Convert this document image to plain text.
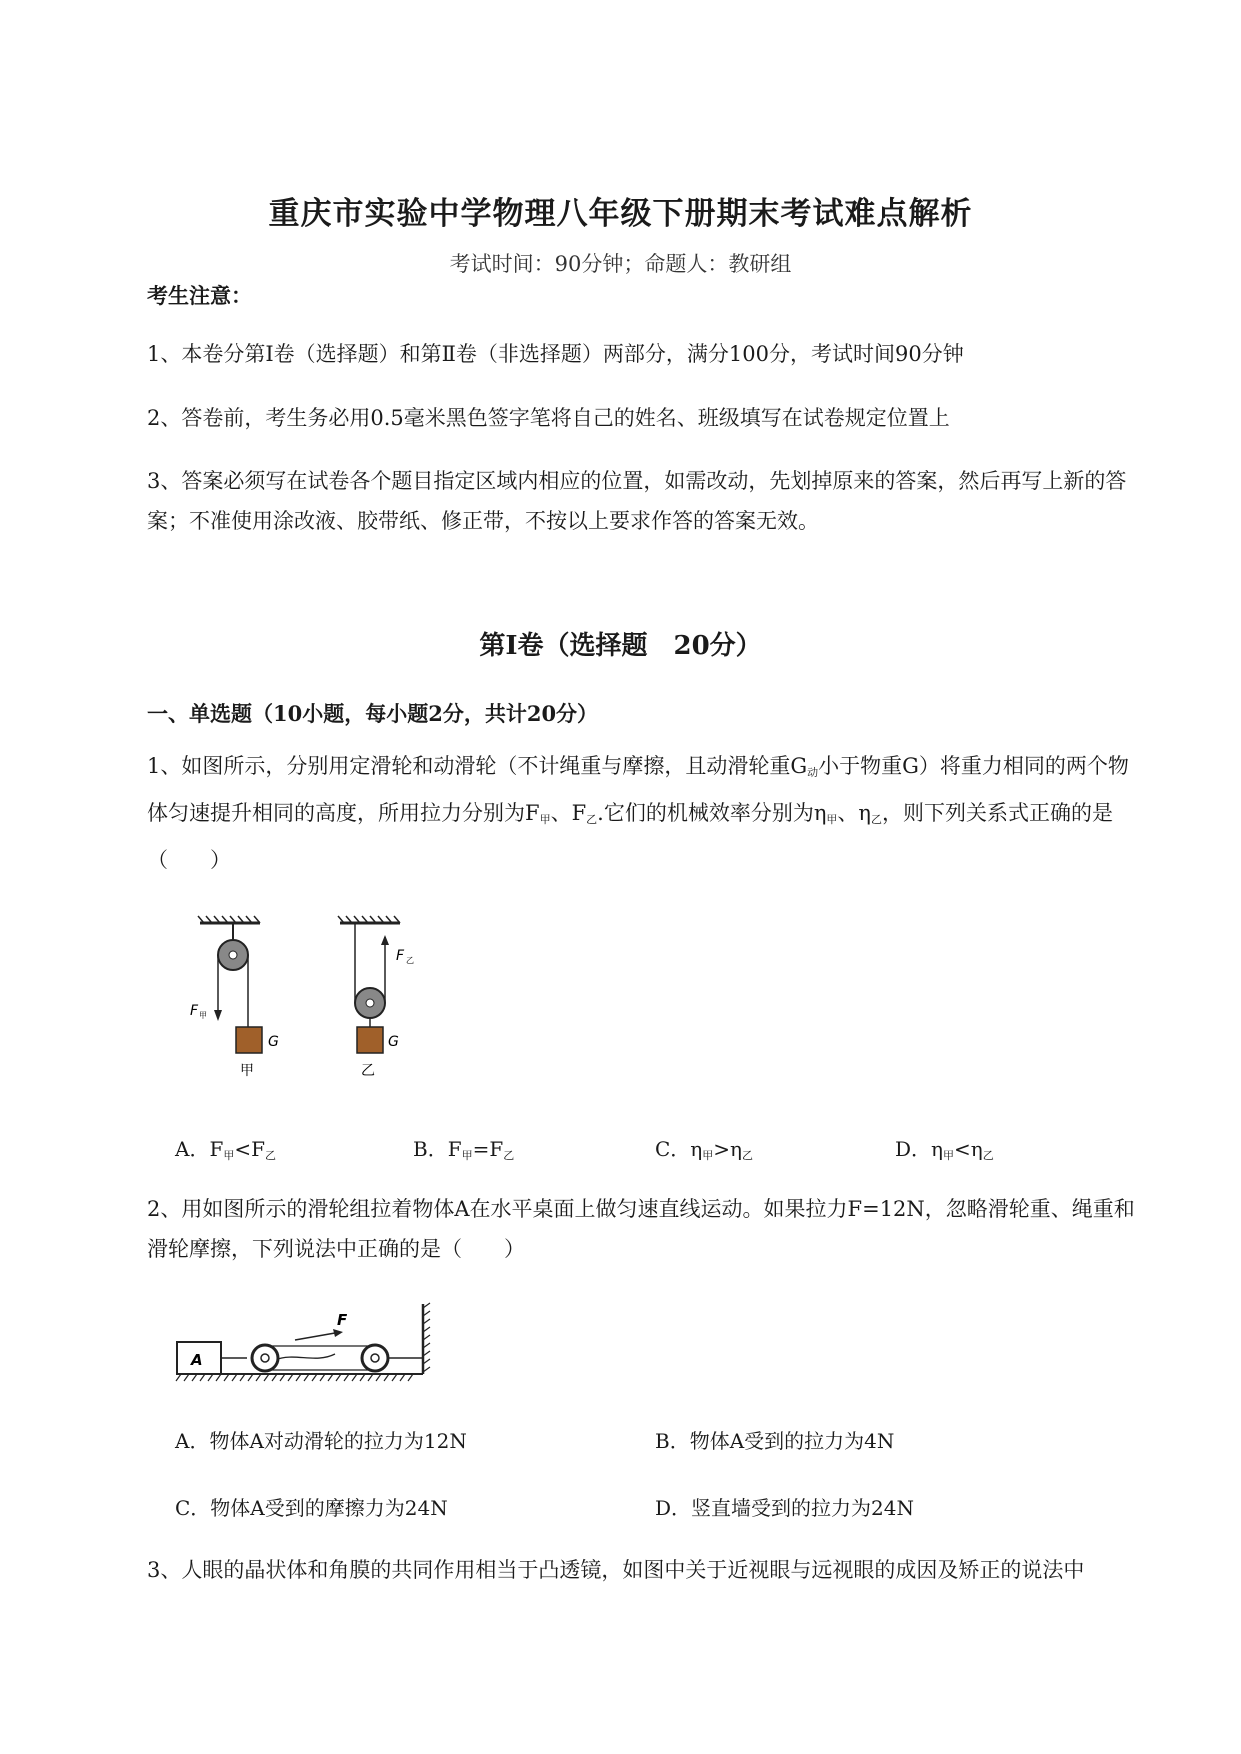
重庆市实验中学物理八年级下册期末考试难点解析
考试时间：90分钟；命题人：教研组
考生注意：
1、本卷分第I卷（选择题）和第Ⅱ卷（非选择题）两部分，满分100分，考试时间90分钟
2、答卷前，考生务必用0.5毫米黑色签字笔将自己的姓名、班级填写在试卷规定位置上
3、答案必须写在试卷各个题目指定区域内相应的位置，如需改动，先划掉原来的答案，然后再写上新的答案；不准使用涂改液、胶带纸、修正带，不按以上要求作答的答案无效。
第I卷（选择题　20分）
一、单选题（10小题，每小题2分，共计20分）
1、如图所示，分别用定滑轮和动滑轮（不计绳重与摩擦，且动滑轮重$G_动$小于物重G）将重力相同的两个物体匀速提升相同的高度，所用拉力分别为$F_甲$、$F_乙$.它们的机械效率分别为$\eta_甲$、$\eta_乙$，则下列关系式正确的是（　　）
G
F 甲
甲
G
F 乙
乙
A．$F_甲<F_乙$	B．$F_甲=F_乙$	C．$\eta_甲>\eta_乙$	D．$\eta_甲<\eta_乙$
2、用如图所示的滑轮组拉着物体A在水平桌面上做匀速直线运动。如果拉力F=12N，忽略滑轮重、绳重和滑轮摩擦，下列说法中正确的是（　　）
A
F
A．物体A对动滑轮的拉力为12N	B．物体A受到的拉力为4N
C．物体A受到的摩擦力为24N	D．竖直墙受到的拉力为24N
3、人眼的晶状体和角膜的共同作用相当于凸透镜，如图中关于近视眼与远视眼的成因及矫正的说法中
